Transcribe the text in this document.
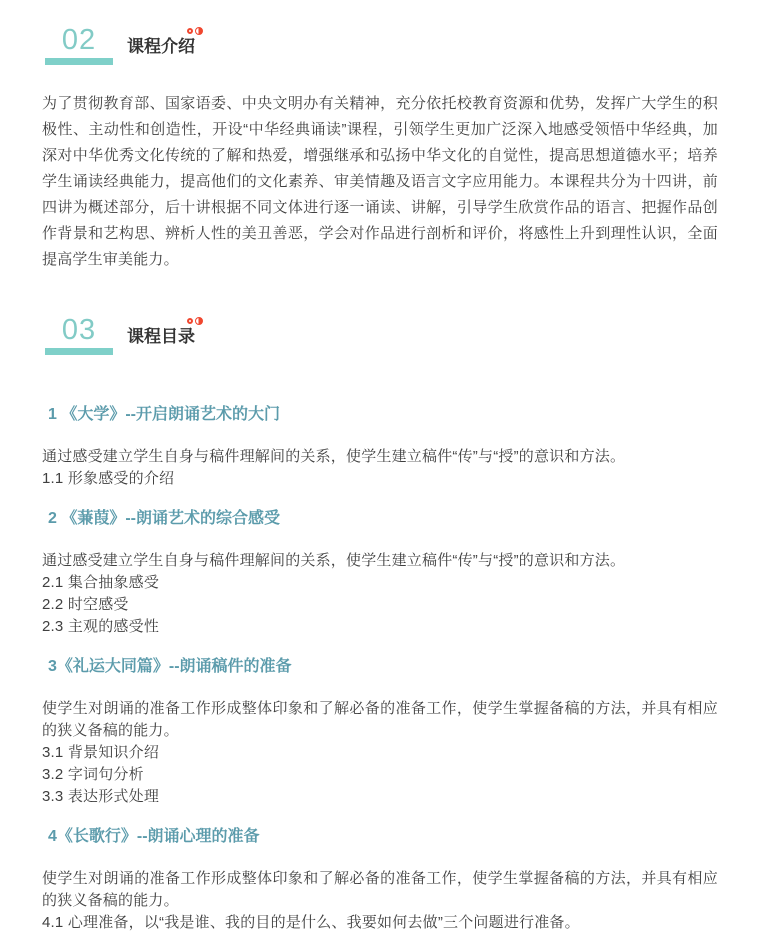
02	课程介绍
为了贯彻教育部、国家语委、中央文明办有关精神，充分依托校教育资源和优势，发挥广大学生的积极性、主动性和创造性，开设“中华经典诵读”课程，引领学生更加广泛深入地感受领悟中华经典，加深对中华优秀文化传统的了解和热爱，增强继承和弘扬中华文化的自觉性，提高思想道德水平；培养学生诵读经典能力，提高他们的文化素养、审美情趣及语言文字应用能力。本课程共分为十四讲，前四讲为概述部分，后十讲根据不同文体进行逐一诵读、讲解，引导学生欣赏作品的语言、把握作品创作背景和艺构思、辨析人性的美丑善恶，学会对作品进行剖析和评价，将感性上升到理性认识，全面提高学生审美能力。
03	课程目录
1 《大学》--开启朗诵艺术的大门
通过感受建立学生自身与稿件理解间的关系，使学生建立稿件“传”与“授”的意识和方法。
1.1 形象感受的介绍
2 《蒹葭》--朗诵艺术的综合感受
通过感受建立学生自身与稿件理解间的关系，使学生建立稿件“传”与“授”的意识和方法。
2.1 集合抽象感受
2.2 时空感受
2.3 主观的感受性
3《礼运大同篇》--朗诵稿件的准备
使学生对朗诵的准备工作形成整体印象和了解必备的准备工作，使学生掌握备稿的方法，并具有相应的狭义备稿的能力。
3.1 背景知识介绍
3.2 字词句分析
3.3 表达形式处理
4《长歌行》--朗诵心理的准备
使学生对朗诵的准备工作形成整体印象和了解必备的准备工作，使学生掌握备稿的方法，并具有相应的狭义备稿的能力。
4.1 心理准备，以“我是谁、我的目的是什么、我要如何去做”三个问题进行准备。
